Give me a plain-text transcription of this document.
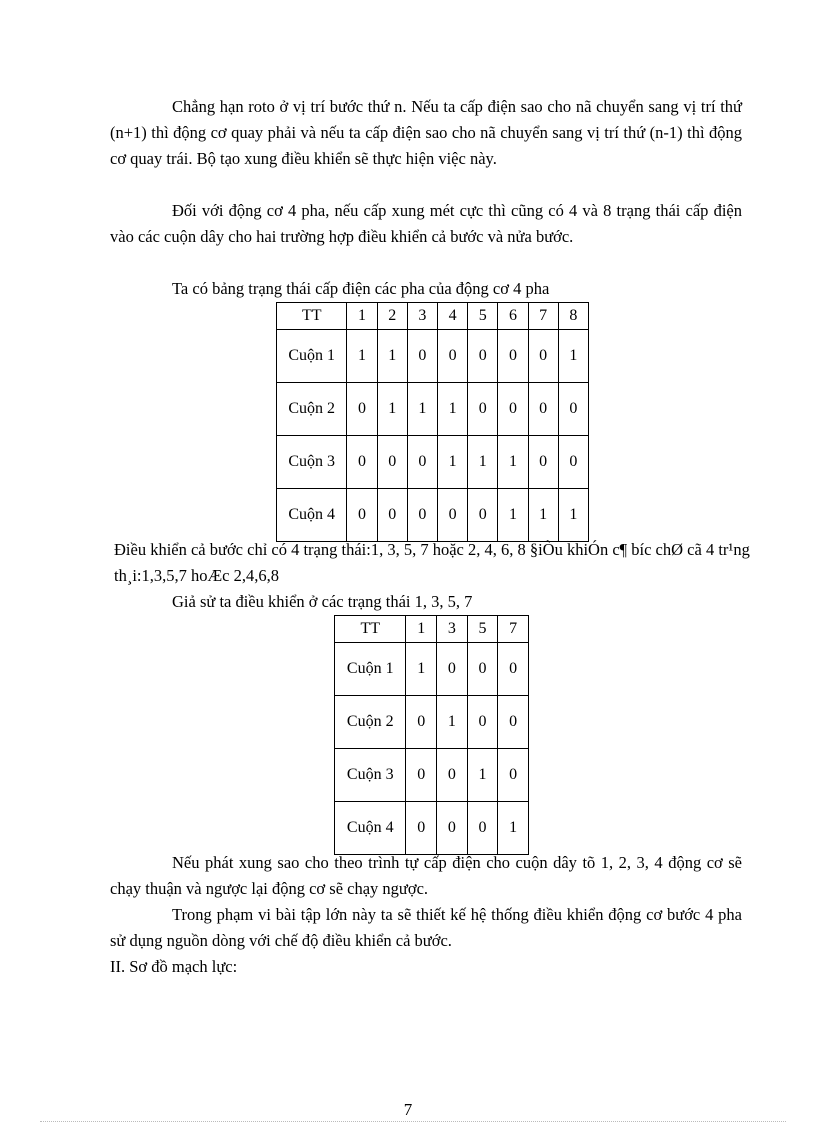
Chẳng hạn roto ở vị trí bước thứ n. Nếu ta cấp điện sao cho nã chuyển sang vị trí thứ (n+1) thì động cơ quay phải và nếu ta cấp điện sao cho nã chuyển sang vị trí thứ (n-1) thì động cơ quay trái. Bộ tạo xung điều khiển sẽ thực hiện việc này.

Đối với động cơ 4 pha, nếu cấp xung mét cực thì cũng có 4 và 8 trạng thái cấp điện vào các cuộn dây cho hai trường hợp điều khiển cả bước và nửa bước.

Ta có bảng trạng thái cấp điện các pha của động cơ 4 pha

TT	1	2	3	4	5	6	7	8
Cuộn 1	1	1	0	0	0	0	0	1
Cuộn 2	0	1	1	1	0	0	0	0
Cuộn 3	0	0	0	1	1	1	0	0
Cuộn 4	0	0	0	0	0	1	1	1

Điều khiển cả bước chỉ có 4 trạng thái:1, 3, 5, 7 hoặc 2, 4, 6, 8 §iÒu khiÓn c¶ bíc chØ cã 4 tr¹ng th¸i:1,3,5,7 hoÆc 2,4,6,8

Giả sử ta điều khiển ở các trạng thái 1, 3, 5, 7

TT	1	3	5	7
Cuộn 1	1	0	0	0
Cuộn 2	0	1	0	0
Cuộn 3	0	0	1	0
Cuộn 4	0	0	0	1

Nếu phát xung sao cho theo trình tự cấp điện cho cuộn dây tõ 1, 2, 3, 4 động cơ sẽ chạy thuận và ngược lại động cơ sẽ chạy ngược.

Trong phạm vi bài tập lớn này ta sẽ thiết kế hệ thống điều khiển động cơ bước 4 pha sử dụng nguồn dòng với chế độ điều khiển cả bước.

II. Sơ đồ mạch lực:

7
